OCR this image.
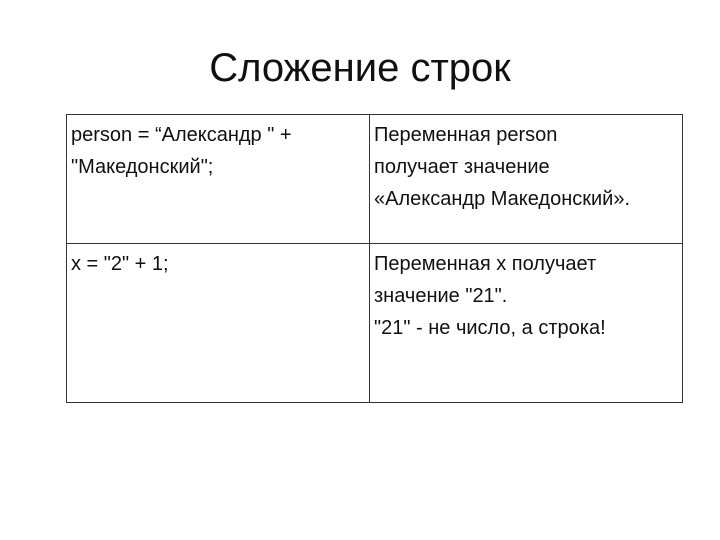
Сложение строк
person = “Александр " +
"Македонский";	Переменная person
получает значение
«Александр Македонский».
x = "2" + 1;	Переменная x получает
значение "21".
"21" - не число, а строка!
